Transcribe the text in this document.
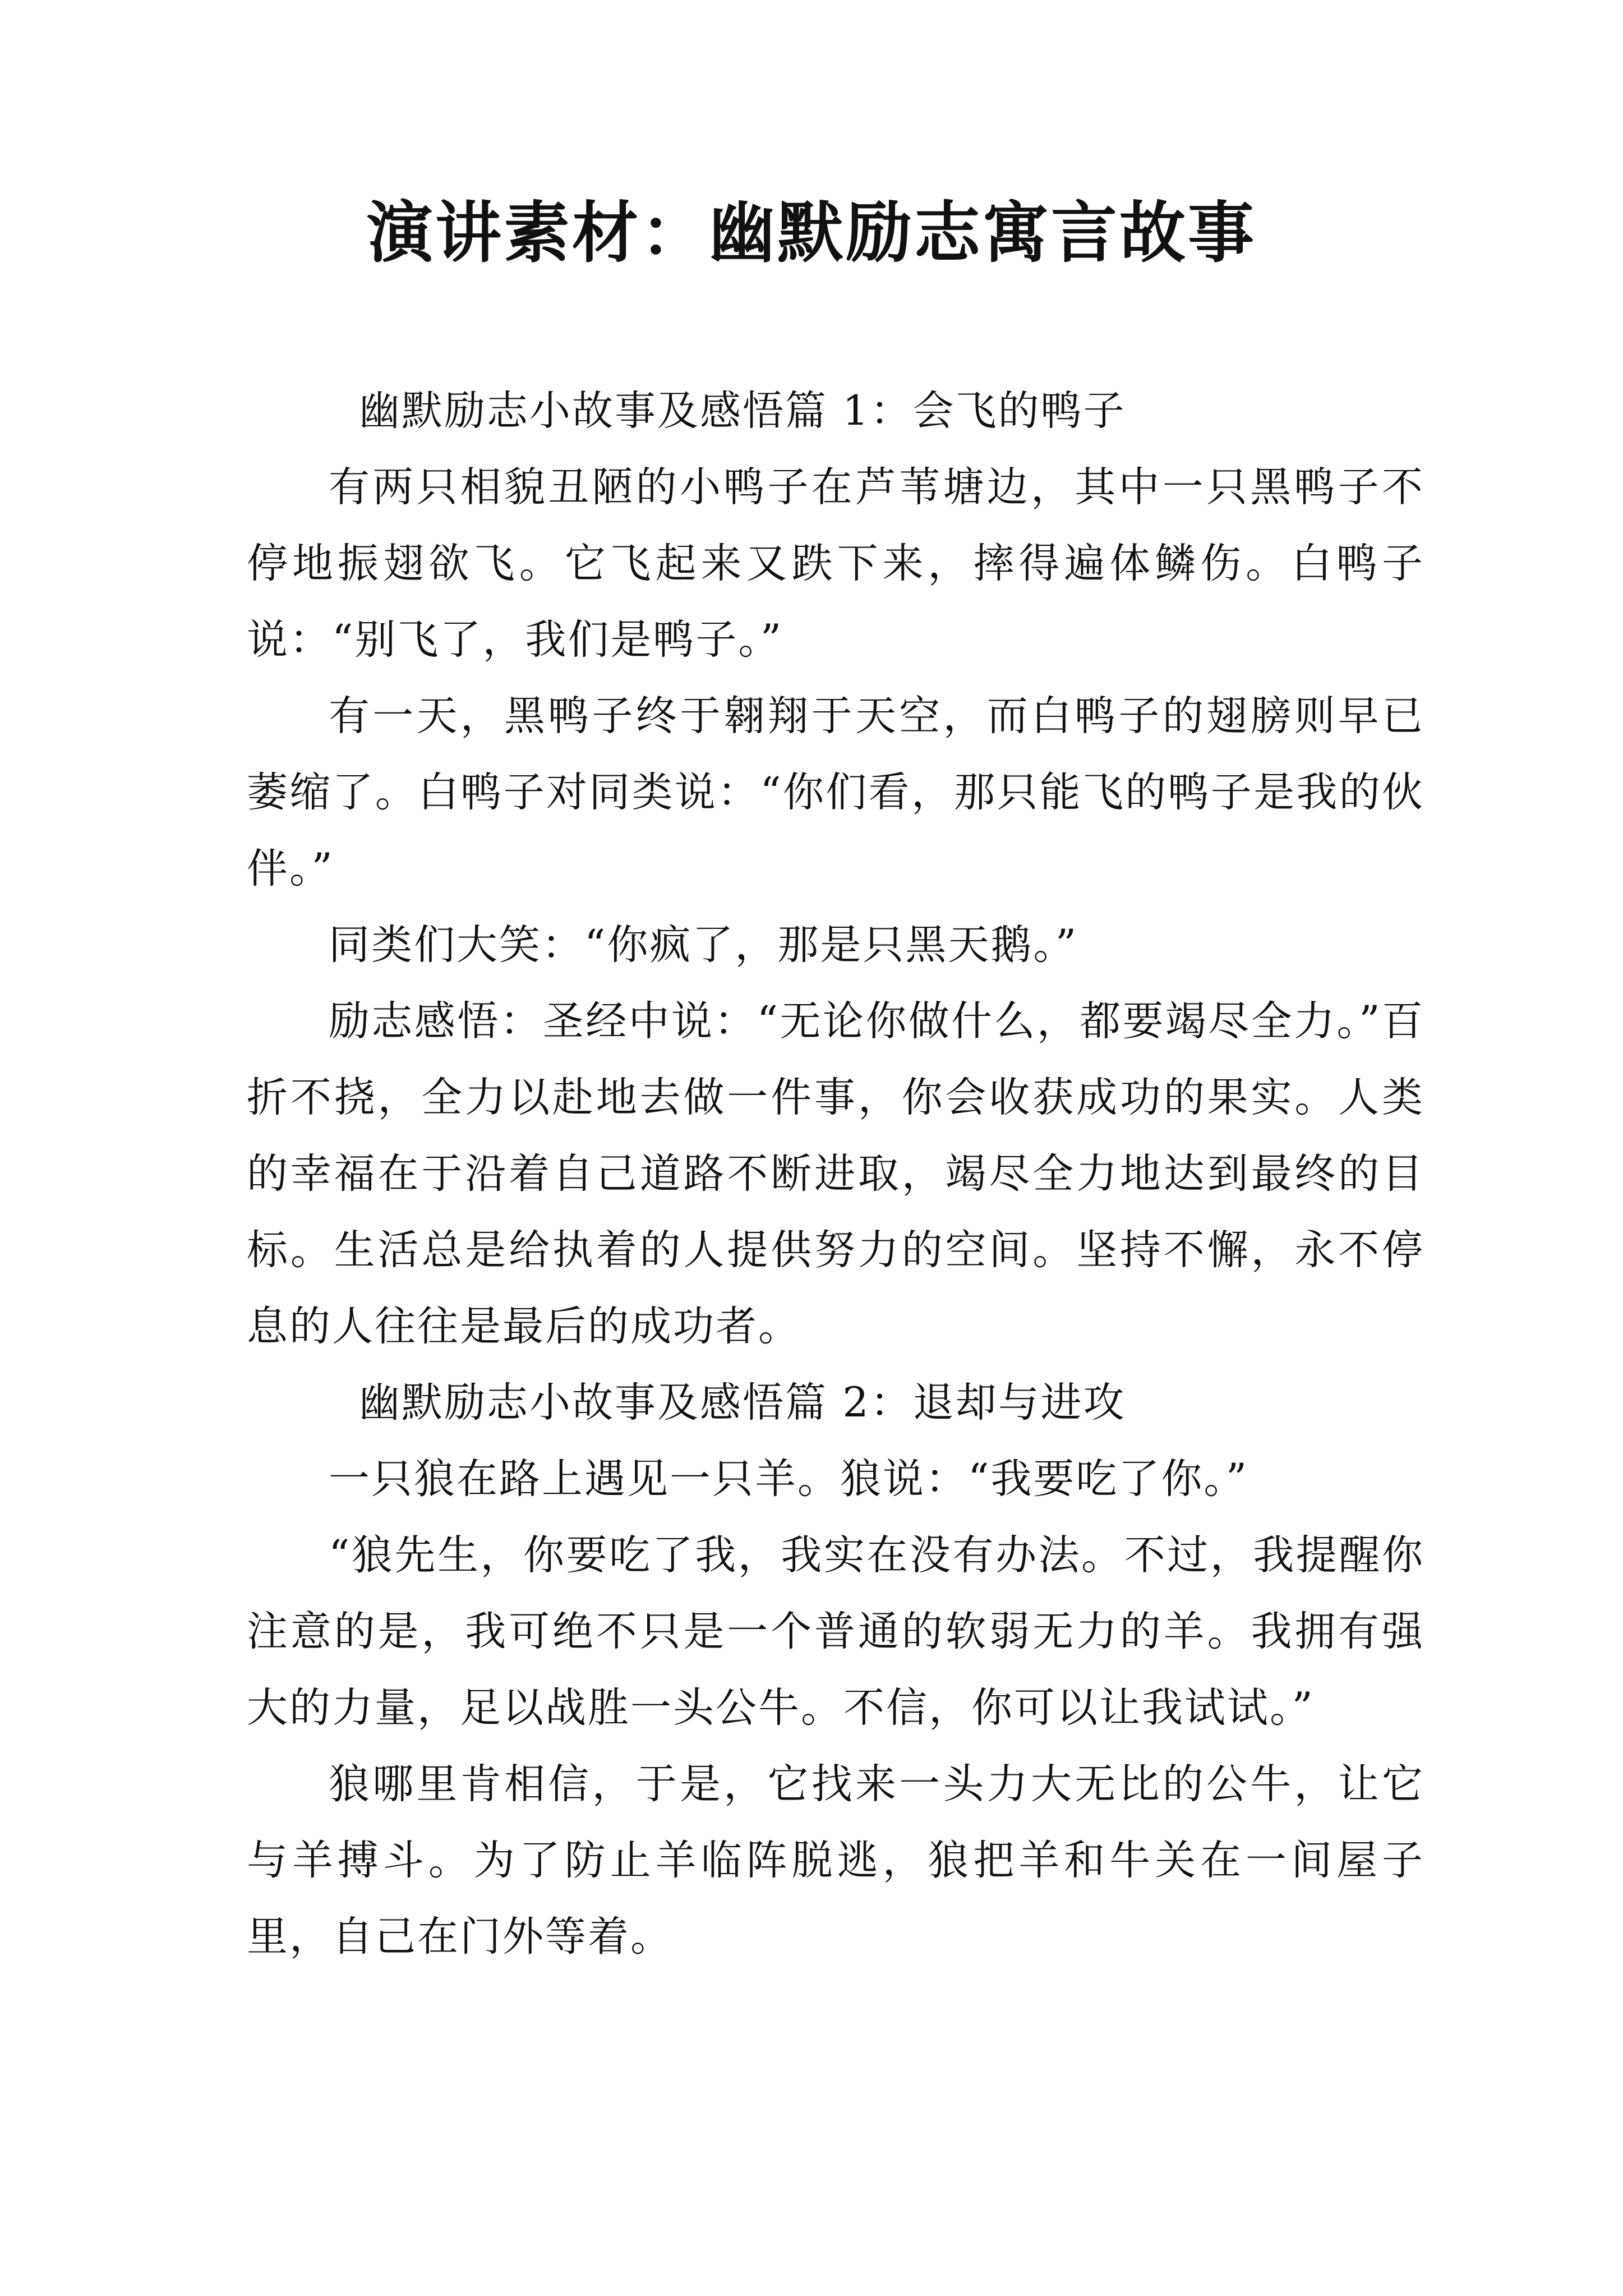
演讲素材：幽默励志寓言故事

幽默励志小故事及感悟篇 1：会飞的鸭子

有两只相貌丑陋的小鸭子在芦苇塘边，其中一只黑鸭子不停地振翅欲飞。它飞起来又跌下来，摔得遍体鳞伤。白鸭子说：“别飞了，我们是鸭子。”

有一天，黑鸭子终于翱翔于天空，而白鸭子的翅膀则早已萎缩了。白鸭子对同类说：“你们看，那只能飞的鸭子是我的伙伴。”

同类们大笑：“你疯了，那是只黑天鹅。”

励志感悟：圣经中说：“无论你做什么，都要竭尽全力。”百折不挠，全力以赴地去做一件事，你会收获成功的果实。人类的幸福在于沿着自己道路不断进取，竭尽全力地达到最终的目标。生活总是给执着的人提供努力的空间。坚持不懈，永不停息的人往往是最后的成功者。

幽默励志小故事及感悟篇 2：退却与进攻

一只狼在路上遇见一只羊。狼说：“我要吃了你。”

“狼先生，你要吃了我，我实在没有办法。不过，我提醒你注意的是，我可绝不只是一个普通的软弱无力的羊。我拥有强大的力量，足以战胜一头公牛。不信，你可以让我试试。”

狼哪里肯相信，于是，它找来一头力大无比的公牛，让它与羊搏斗。为了防止羊临阵脱逃，狼把羊和牛关在一间屋子里，自己在门外等着。
